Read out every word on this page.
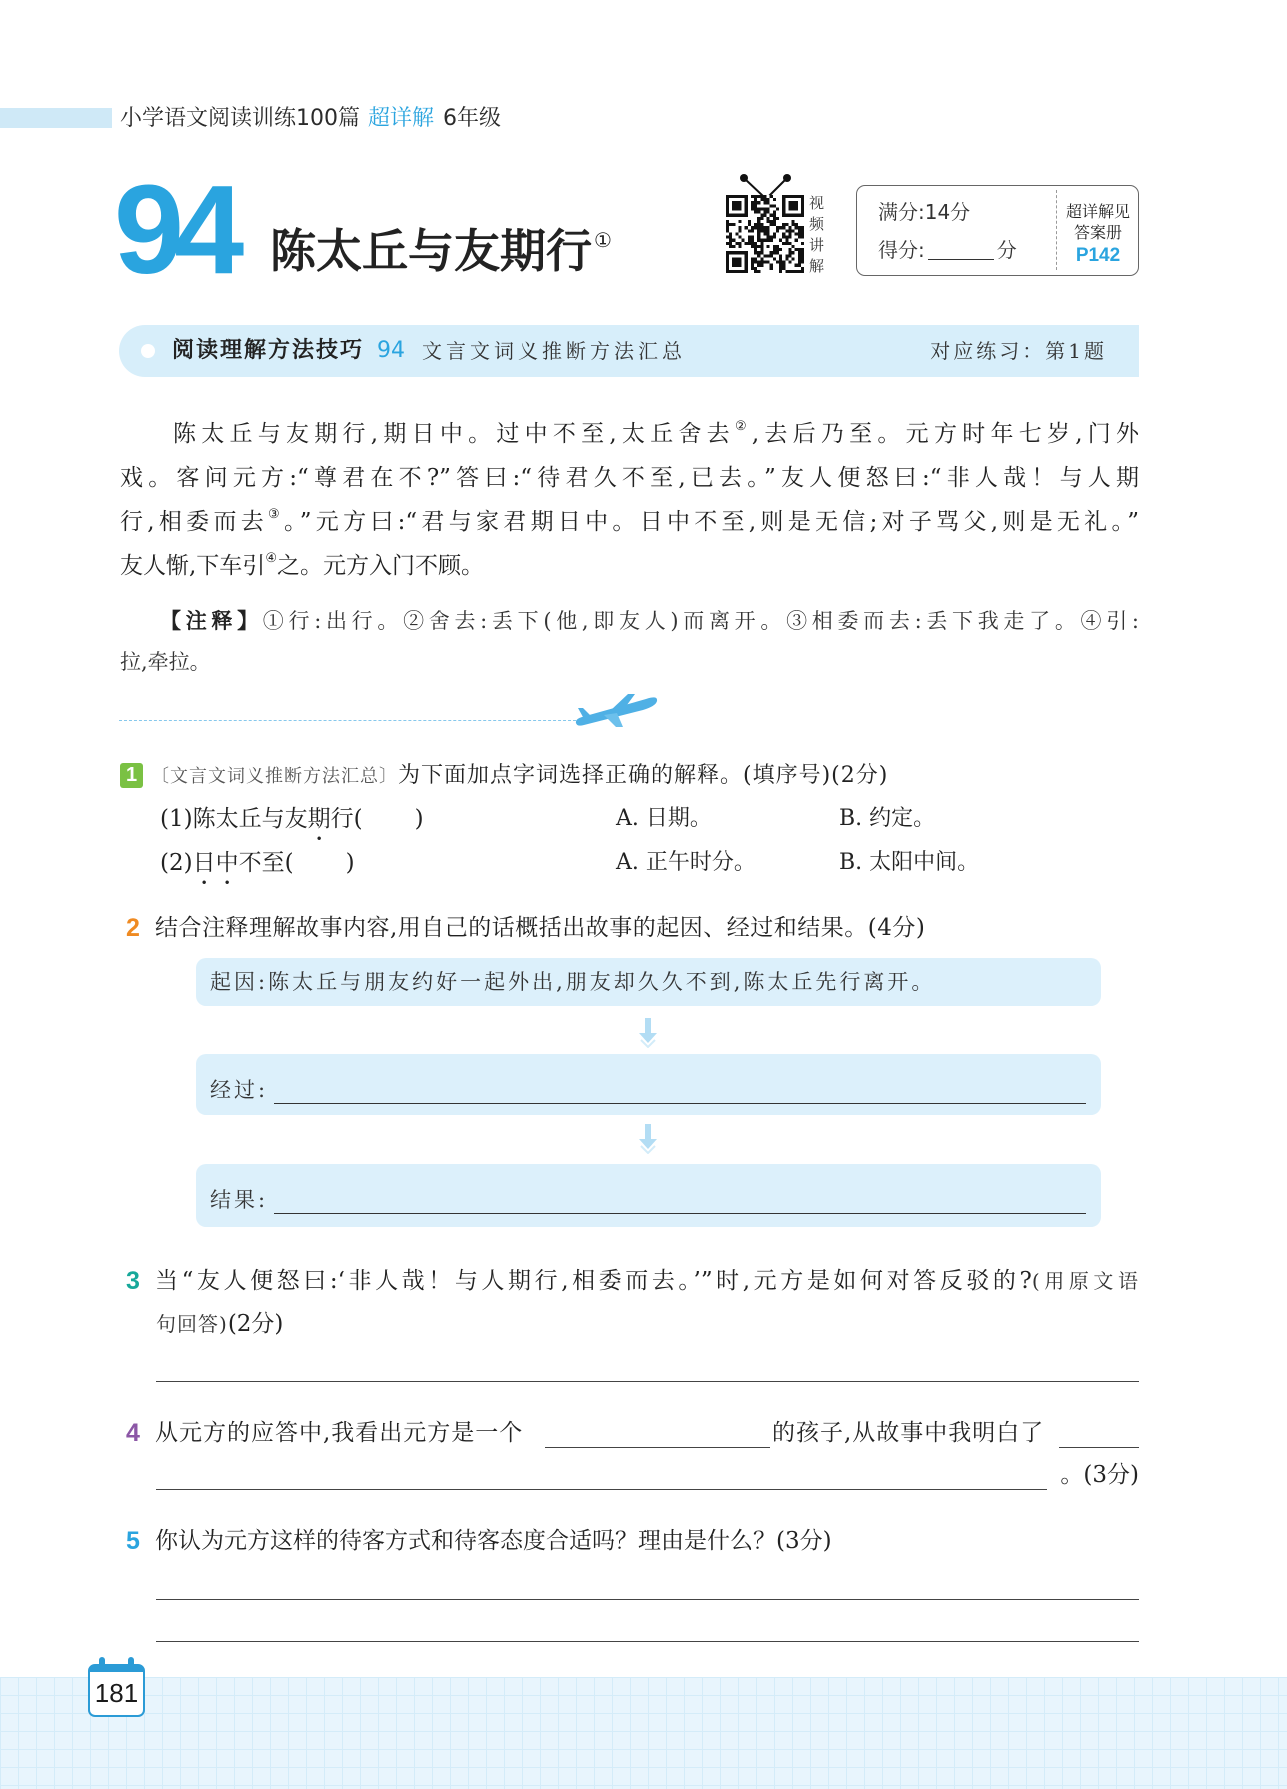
小学语文阅读训练100篇 超详解 6年级
94 陈太丘与友期行 ①
视频讲解
满分:14分
得分:	分
超详解见
答案册
P142
阅读理解方法技巧 94 文言文词义推断方法汇总	对应练习：第1题
陈太丘与友期行,期日中。过中不至,太丘舍去②,去后乃至。元方时年七岁,门外
戏。客问元方:“尊君在不?”答曰:“待君久不至,已去。”友人便怒曰:“非人哉！与人期
行,相委而去③。”元方曰:“君与家君期日中。日中不至,则是无信;对子骂父,则是无礼。”
友人惭,下车引④之。元方入门不顾。
【注释】①行:出行。②舍去:丢下(他,即友人)而离开。③相委而去:丢下我走了。④引:
拉,牵拉。
1 〔文言文词义推断方法汇总〕为下面加点字词选择正确的解释。(填序号)(2分)
(1)陈太丘与友期行( )	A. 日期。	B. 约定。
(2)日中不至( )	A. 正午时分。	B. 太阳中间。
2 结合注释理解故事内容,用自己的话概括出故事的起因、经过和结果。(4分)
起因:陈太丘与朋友约好一起外出,朋友却久久不到,陈太丘先行离开。
经过:
结果:
3 当“友人便怒曰:‘非人哉！与人期行,相委而去。’”时,元方是如何对答反驳的?(用原文语
句回答)(2分)
4 从元方的应答中,我看出元方是一个	的孩子,从故事中我明白了
。(3分)
5 你认为元方这样的待客方式和待客态度合适吗？理由是什么？(3分)
181
